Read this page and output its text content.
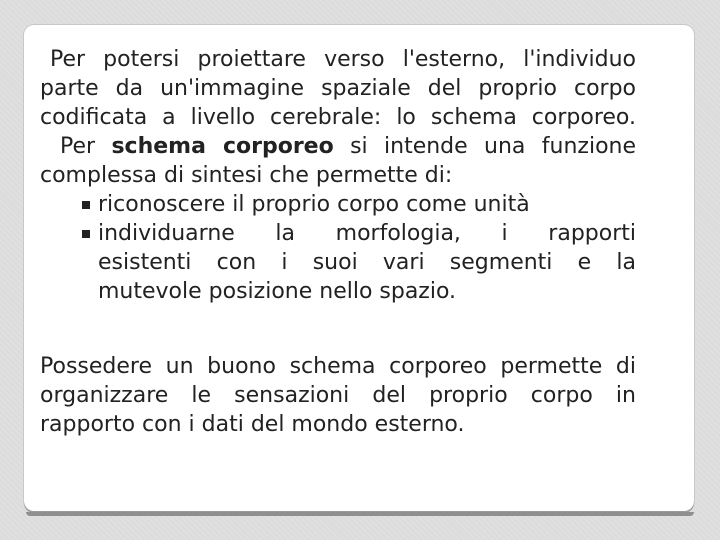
Per potersi proiettare verso l'esterno, l'individuo
parte da un'immagine spaziale del proprio corpo
codificata a livello cerebrale: lo schema corporeo.
Per schema corporeo si intende una funzione
complessa di sintesi che permette di:
riconoscere il proprio corpo come unità
individuarne la morfologia, i rapporti
esistenti con i suoi vari segmenti e la
mutevole posizione nello spazio.
Possedere un buono schema corporeo permette di
organizzare le sensazioni del proprio corpo in
rapporto con i dati del mondo esterno.
